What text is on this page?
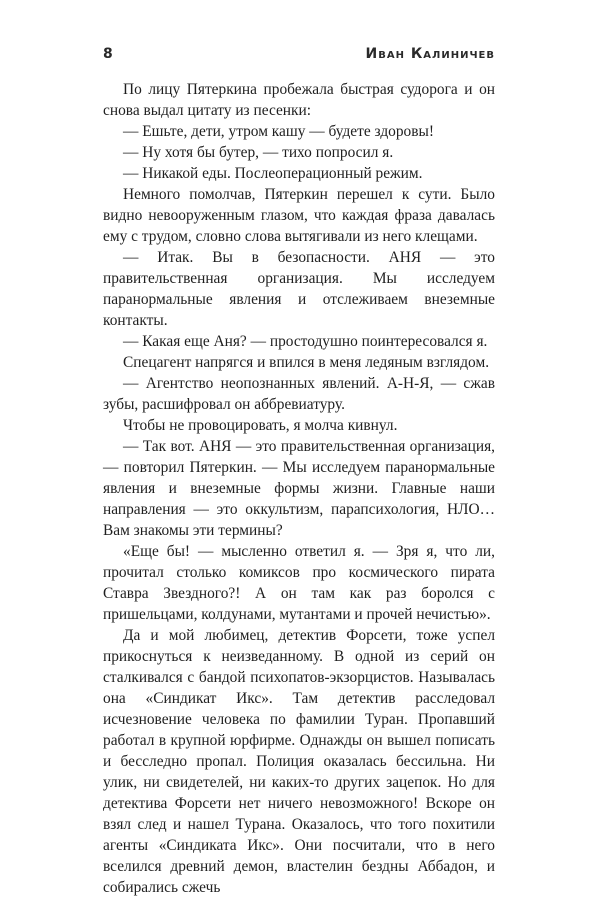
8	Иван Калиничев

По лицу Пятеркина пробежала быстрая судорога и он снова выдал цитату из песенки:

— Ешьте, дети, утром кашу — будете здоровы!

— Ну хотя бы бутер, — тихо попросил я.

— Никакой еды. Послеоперационный режим.

Немного помолчав, Пятеркин перешел к сути. Было видно невооруженным глазом, что каждая фраза давалась ему с трудом, словно слова вытягивали из него клещами.

— Итак. Вы в безопасности. АНЯ — это правительственная организация. Мы исследуем паранормальные явления и отслеживаем внеземные контакты.

— Какая еще Аня? — простодушно поинтересовался я.

Спецагент напрягся и впился в меня ледяным взглядом.

— Агентство неопознанных явлений. А-Н-Я, — сжав зубы, расшифровал он аббревиатуру.

Чтобы не провоцировать, я молча кивнул.

— Так вот. АНЯ — это правительственная организация, — повторил Пятеркин. — Мы исследуем паранормальные явления и внеземные формы жизни. Главные наши направления — это оккультизм, парапсихология, НЛО… Вам знакомы эти термины?

«Еще бы! — мысленно ответил я. — Зря я, что ли, прочитал столько комиксов про космического пирата Ставра Звездного?! А он там как раз боролся с пришельцами, колдунами, мутантами и прочей нечистью».

Да и мой любимец, детектив Форсети, тоже успел прикоснуться к неизведанному. В одной из серий он сталкивался с бандой психопатов-экзорцистов. Называлась она «Синдикат Икс». Там детектив расследовал исчезновение человека по фамилии Туран. Пропавший работал в крупной юрфирме. Однажды он вышел пописать и бесследно пропал. Полиция оказалась бессильна. Ни улик, ни свидетелей, ни каких-то других зацепок. Но для детектива Форсети нет ничего невозможного! Вскоре он взял след и нашел Турана. Оказалось, что того похитили агенты «Синдиката Икс». Они посчитали, что в него вселился древний демон, властелин бездны Аббадон, и собирались сжечь
